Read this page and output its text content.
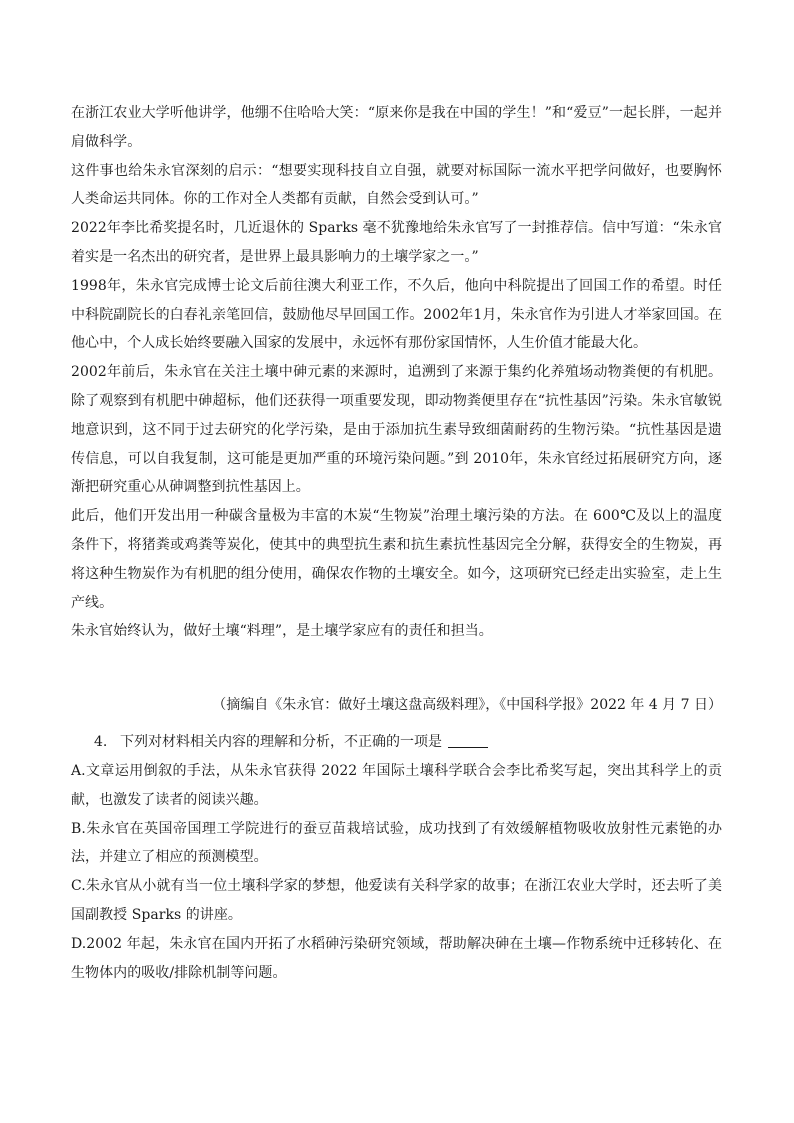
在浙江农业大学听他讲学，他绷不住哈哈大笑：“原来你是我在中国的学生！”和“爱豆”一起长胖，一起并肩做科学。

这件事也给朱永官深刻的启示：“想要实现科技自立自强，就要对标国际一流水平把学问做好，也要胸怀人类命运共同体。你的工作对全人类都有贡献，自然会受到认可。”

2022年李比希奖提名时，几近退休的 Sparks 毫不犹豫地给朱永官写了一封推荐信。信中写道：“朱永官着实是一名杰出的研究者，是世界上最具影响力的土壤学家之一。”

1998年，朱永官完成博士论文后前往澳大利亚工作，不久后，他向中科院提出了回国工作的希望。时任中科院副院长的白春礼亲笔回信，鼓励他尽早回国工作。2002年1月，朱永官作为引进人才举家回国。在他心中，个人成长始终要融入国家的发展中，永远怀有那份家国情怀，人生价值才能最大化。

2002年前后，朱永官在关注土壤中砷元素的来源时，追溯到了来源于集约化养殖场动物粪便的有机肥。除了观察到有机肥中砷超标，他们还获得一项重要发现，即动物粪便里存在“抗性基因”污染。朱永官敏锐地意识到，这不同于过去研究的化学污染，是由于添加抗生素导致细菌耐药的生物污染。“抗性基因是遗传信息，可以自我复制，这可能是更加严重的环境污染问题。”到 2010年，朱永官经过拓展研究方向，逐渐把研究重心从砷调整到抗性基因上。

此后，他们开发出用一种碳含量极为丰富的木炭“生物炭”治理土壤污染的方法。在 600℃及以上的温度条件下，将猪粪或鸡粪等炭化，使其中的典型抗生素和抗生素抗性基因完全分解，获得安全的生物炭，再将这种生物炭作为有机肥的组分使用，确保农作物的土壤安全。如今，这项研究已经走出实验室，走上生产线。

朱永官始终认为，做好土壤“料理”，是土壤学家应有的责任和担当。

（摘编自《朱永官：做好土壤这盘高级料理》，《中国科学报》2022 年 4 月 7 日）
4. 下列对材料相关内容的理解和分析，不正确的一项是

A.文章运用倒叙的手法，从朱永官获得 2022 年国际土壤科学联合会李比希奖写起，突出其科学上的贡献，也激发了读者的阅读兴趣。

B.朱永官在英国帝国理工学院进行的蚕豆苗栽培试验，成功找到了有效缓解植物吸收放射性元素铯的办法，并建立了相应的预测模型。

C.朱永官从小就有当一位土壤科学家的梦想，他爱读有关科学家的故事；在浙江农业大学时，还去听了美国副教授 Sparks 的讲座。

D.2002 年起，朱永官在国内开拓了水稻砷污染研究领域，帮助解决砷在土壤—作物系统中迁移转化、在生物体内的吸收/排除机制等问题。
